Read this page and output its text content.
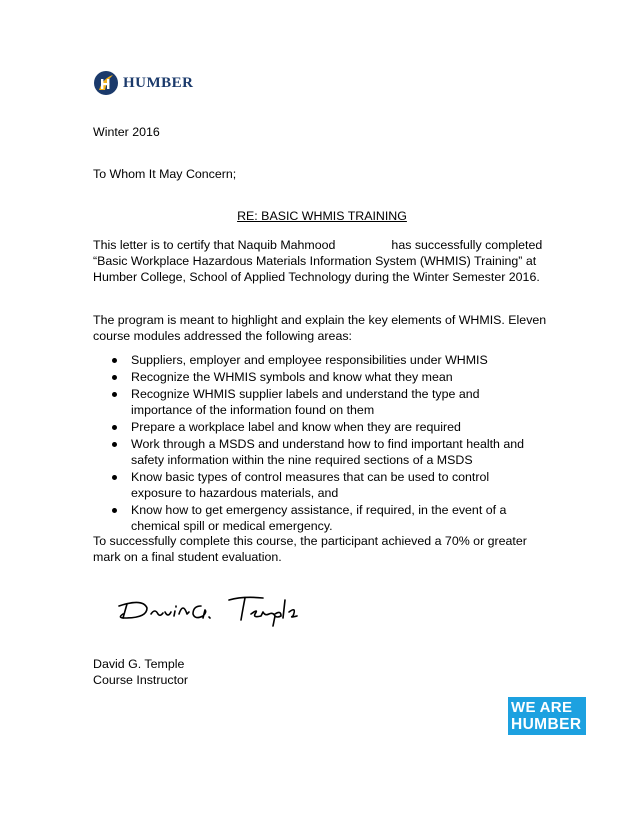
HUMBER
Winter 2016
To Whom It May Concern;
RE: BASIC WHMIS TRAINING
This letter is to certify that Naquib Mahmood	has successfully completed “Basic Workplace Hazardous Materials Information System (WHMIS) Training” at Humber College, School of Applied Technology during the Winter Semester 2016.
The program is meant to highlight and explain the key elements of WHMIS. Eleven course modules addressed the following areas:
Suppliers, employer and employee responsibilities under WHMIS
Recognize the WHMIS symbols and know what they mean
Recognize WHMIS supplier labels and understand the type and importance of the information found on them
Prepare a workplace label and know when they are required
Work through a MSDS and understand how to find important health and safety information within the nine required sections of a MSDS
Know basic types of control measures that can be used to control exposure to hazardous materials, and
Know how to get emergency assistance, if required, in the event of a chemical spill or medical emergency.
To successfully complete this course, the participant achieved a 70% or greater mark on a final student evaluation.
David G. Temple
Course Instructor
WE ARE
HUMBER
